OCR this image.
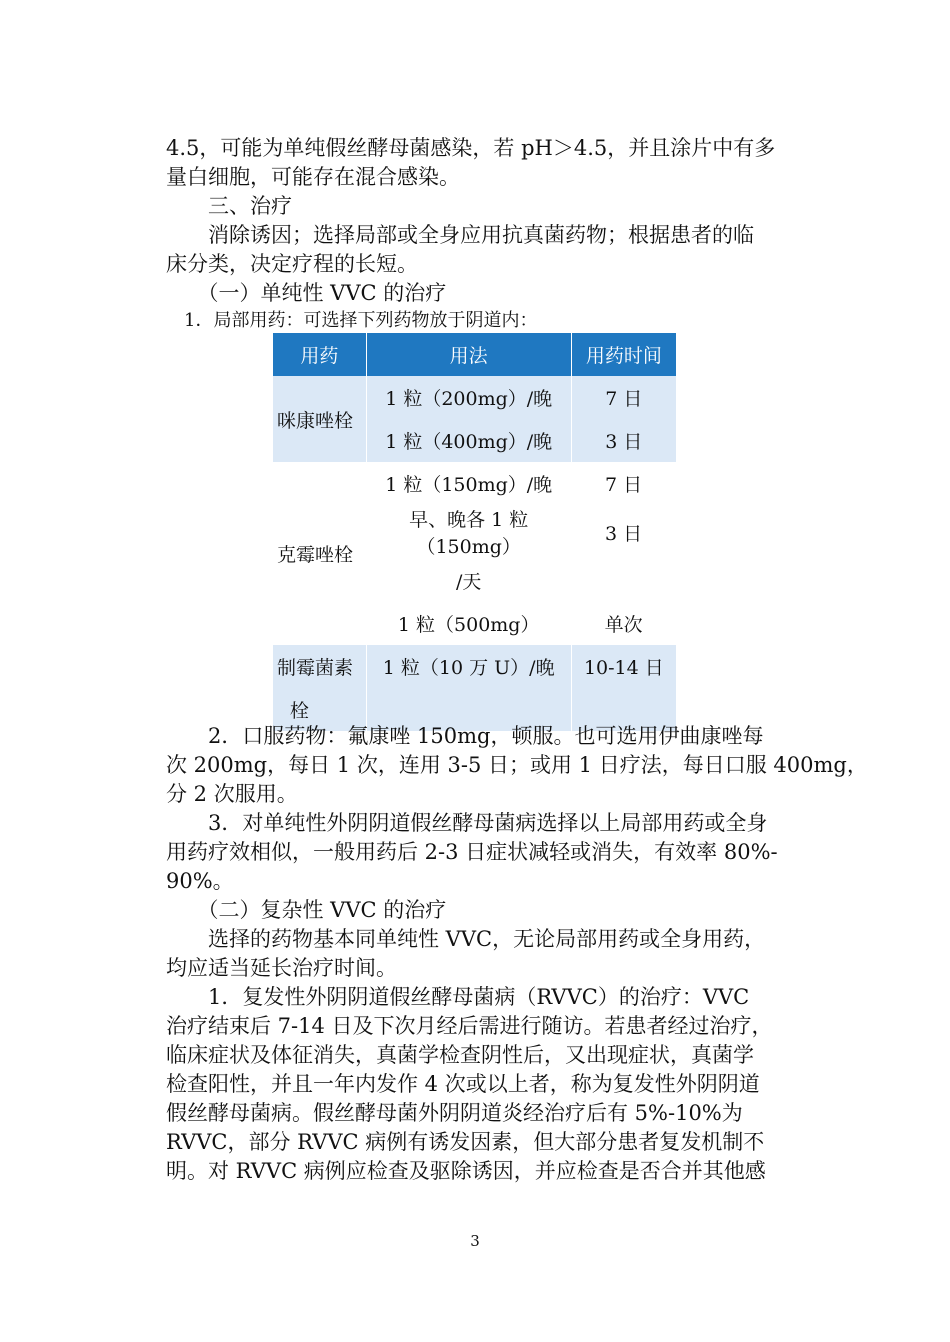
4.5，可能为单纯假丝酵母菌感染，若 pH＞4.5，并且涂片中有多
量白细胞，可能存在混合感染。
　　三、治疗
　　消除诱因；选择局部或全身应用抗真菌药物；根据患者的临
床分类，决定疗程的长短。
　　（一）单纯性 VVC 的治疗
　1．局部用药：可选择下列药物放于阴道内：
用药	用法	用药时间
咪康唑栓	1 粒（200mg）/晚	7 日
	1 粒（400mg）/晚	3 日
克霉唑栓	1 粒（150mg）/晚	7 日
	早、晚各 1 粒（150mg）	3 日
	/天	
	1 粒（500mg）	单次
制霉菌素	1 粒（10 万 U）/晚	10-14 日
栓		
　　2．口服药物：氟康唑 150mg，顿服。也可选用伊曲康唑每
次 200mg，每日 1 次，连用 3-5 日；或用 1 日疗法，每日口服 400mg，
分 2 次服用。
　　3．对单纯性外阴阴道假丝酵母菌病选择以上局部用药或全身
用药疗效相似，一般用药后 2-3 日症状减轻或消失，有效率 80%-
90%。
　　（二）复杂性 VVC 的治疗
　　选择的药物基本同单纯性 VVC，无论局部用药或全身用药，
均应适当延长治疗时间。
　　1．复发性外阴阴道假丝酵母菌病（RVVC）的治疗：VVC
治疗结束后 7-14 日及下次月经后需进行随访。若患者经过治疗，
临床症状及体征消失，真菌学检查阴性后，又出现症状，真菌学
检查阳性，并且一年内发作 4 次或以上者，称为复发性外阴阴道
假丝酵母菌病。假丝酵母菌外阴阴道炎经治疗后有 5%-10%为
RVVC，部分 RVVC 病例有诱发因素，但大部分患者复发机制不
明。对 RVVC 病例应检查及驱除诱因，并应检查是否合并其他感
3
